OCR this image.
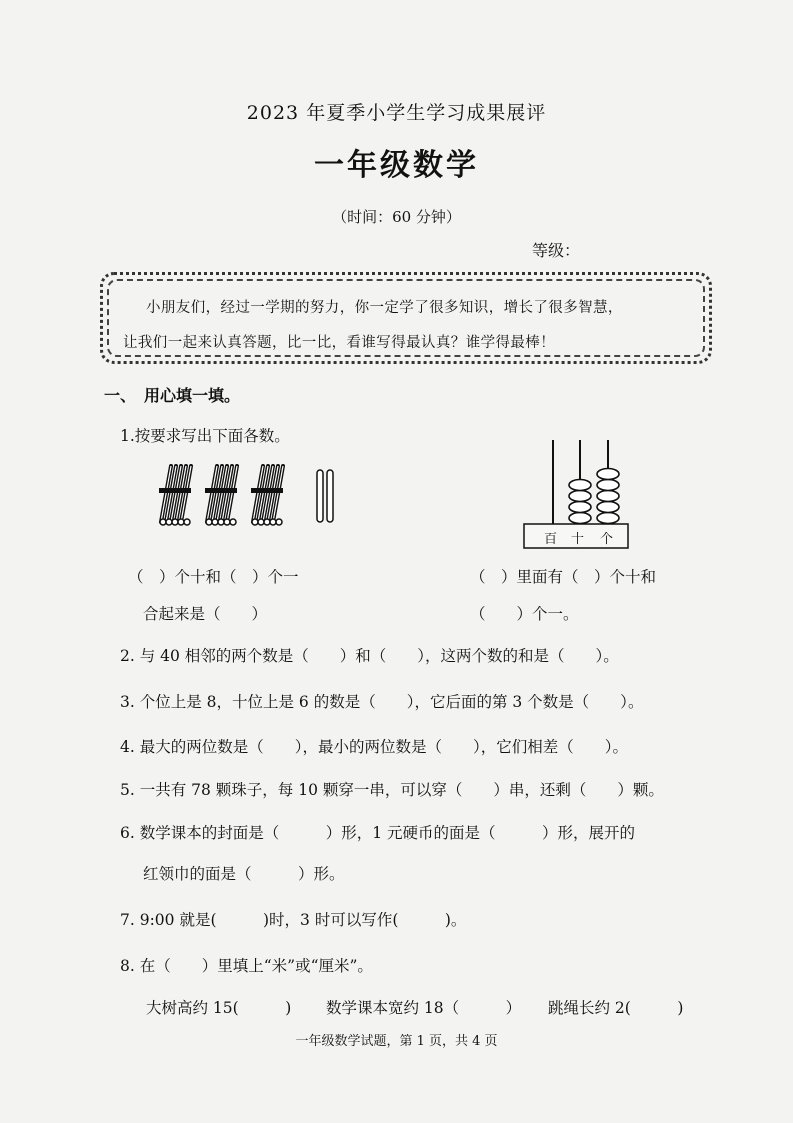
2023 年夏季小学生学习成果展评
一年级数学
（时间：60 分钟）
等级：
小朋友们，经过一学期的努力，你一定学了很多知识，增长了很多智慧，
让我们一起来认真答题，比一比，看谁写得最认真？谁学得最棒！
一、　用心填一填。
1.按要求写出下面各数。
百 十 个
（　）个十和（　）个一
合起来是（　　）
（　）里面有（　）个十和
（　　）个一。
2. 与 40 相邻的两个数是（　　）和（　　），这两个数的和是（　　）。
3. 个位上是 8，十位上是 6 的数是（　　），它后面的第 3 个数是（　　）。
4. 最大的两位数是（　　），最小的两位数是（　　），它们相差（　　）。
5. 一共有 78 颗珠子，每 10 颗穿一串，可以穿（　　）串，还剩（　　）颗。
6. 数学课本的封面是（　　　）形，1 元硬币的面是（　　　）形，展开的
红领巾的面是（　　　）形。
7. 9:00 就是(　　　)时，3 时可以写作(　　　)。
8. 在（　　）里填上“米”或“厘米”。
大树高约 15(　　　) 数学课本宽约 18（　　　） 跳绳长约 2(　　　)
一年级数学试题，第 1 页，共 4 页
